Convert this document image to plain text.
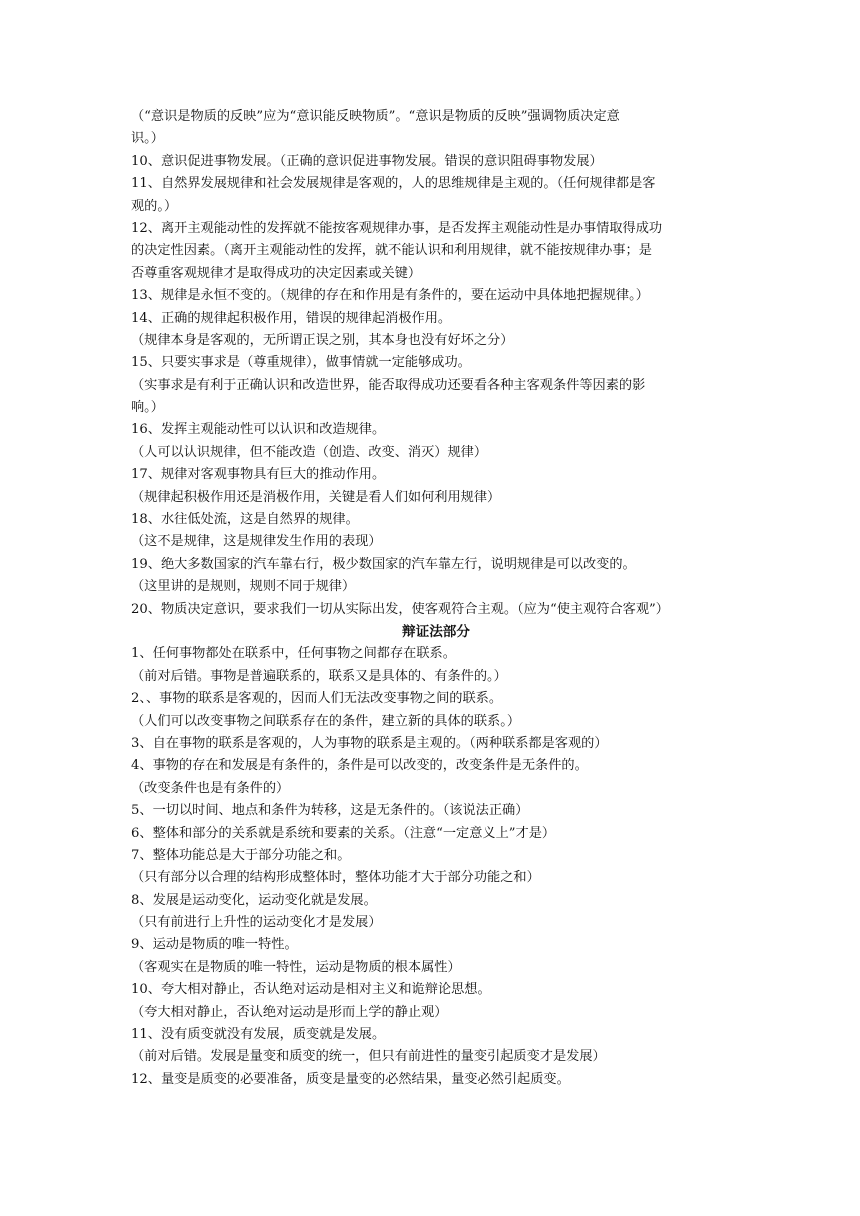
（“意识是物质的反映”应为“意识能反映物质”。“意识是物质的反映”强调物质决定意
识。）
10、意识促进事物发展。（正确的意识促进事物发展。错误的意识阻碍事物发展）
11、自然界发展规律和社会发展规律是客观的，人的思维规律是主观的。（任何规律都是客
观的。）
12、离开主观能动性的发挥就不能按客观规律办事，是否发挥主观能动性是办事情取得成功
的决定性因素。（离开主观能动性的发挥，就不能认识和利用规律，就不能按规律办事；是
否尊重客观规律才是取得成功的决定因素或关键）
13、规律是永恒不变的。（规律的存在和作用是有条件的，要在运动中具体地把握规律。）
14、正确的规律起积极作用，错误的规律起消极作用。
（规律本身是客观的，无所谓正误之别，其本身也没有好坏之分）
15、只要实事求是（尊重规律），做事情就一定能够成功。
（实事求是有利于正确认识和改造世界，能否取得成功还要看各种主客观条件等因素的影
响。）
16、发挥主观能动性可以认识和改造规律。
（人可以认识规律，但不能改造（创造、改变、消灭）规律）
17、规律对客观事物具有巨大的推动作用。
（规律起积极作用还是消极作用，关键是看人们如何利用规律）
18、水往低处流，这是自然界的规律。
（这不是规律，这是规律发生作用的表现）
19、绝大多数国家的汽车靠右行，极少数国家的汽车靠左行，说明规律是可以改变的。
（这里讲的是规则，规则不同于规律）
20、物质决定意识，要求我们一切从实际出发，使客观符合主观。（应为“使主观符合客观”）
辩证法部分
1、任何事物都处在联系中，任何事物之间都存在联系。
（前对后错。事物是普遍联系的，联系又是具体的、有条件的。）
2、、事物的联系是客观的，因而人们无法改变事物之间的联系。
（人们可以改变事物之间联系存在的条件，建立新的具体的联系。）
3、自在事物的联系是客观的，人为事物的联系是主观的。（两种联系都是客观的）
4、事物的存在和发展是有条件的，条件是可以改变的，改变条件是无条件的。
（改变条件也是有条件的）
5、一切以时间、地点和条件为转移，这是无条件的。（该说法正确）
6、整体和部分的关系就是系统和要素的关系。（注意“一定意义上”才是）
7、整体功能总是大于部分功能之和。
（只有部分以合理的结构形成整体时，整体功能才大于部分功能之和）
8、发展是运动变化，运动变化就是发展。
（只有前进行上升性的运动变化才是发展）
9、运动是物质的唯一特性。
（客观实在是物质的唯一特性，运动是物质的根本属性）
10、夸大相对静止，否认绝对运动是相对主义和诡辩论思想。
（夸大相对静止，否认绝对运动是形而上学的静止观）
11、没有质变就没有发展，质变就是发展。
（前对后错。发展是量变和质变的统一，但只有前进性的量变引起质变才是发展）
12、量变是质变的必要准备，质变是量变的必然结果，量变必然引起质变。
